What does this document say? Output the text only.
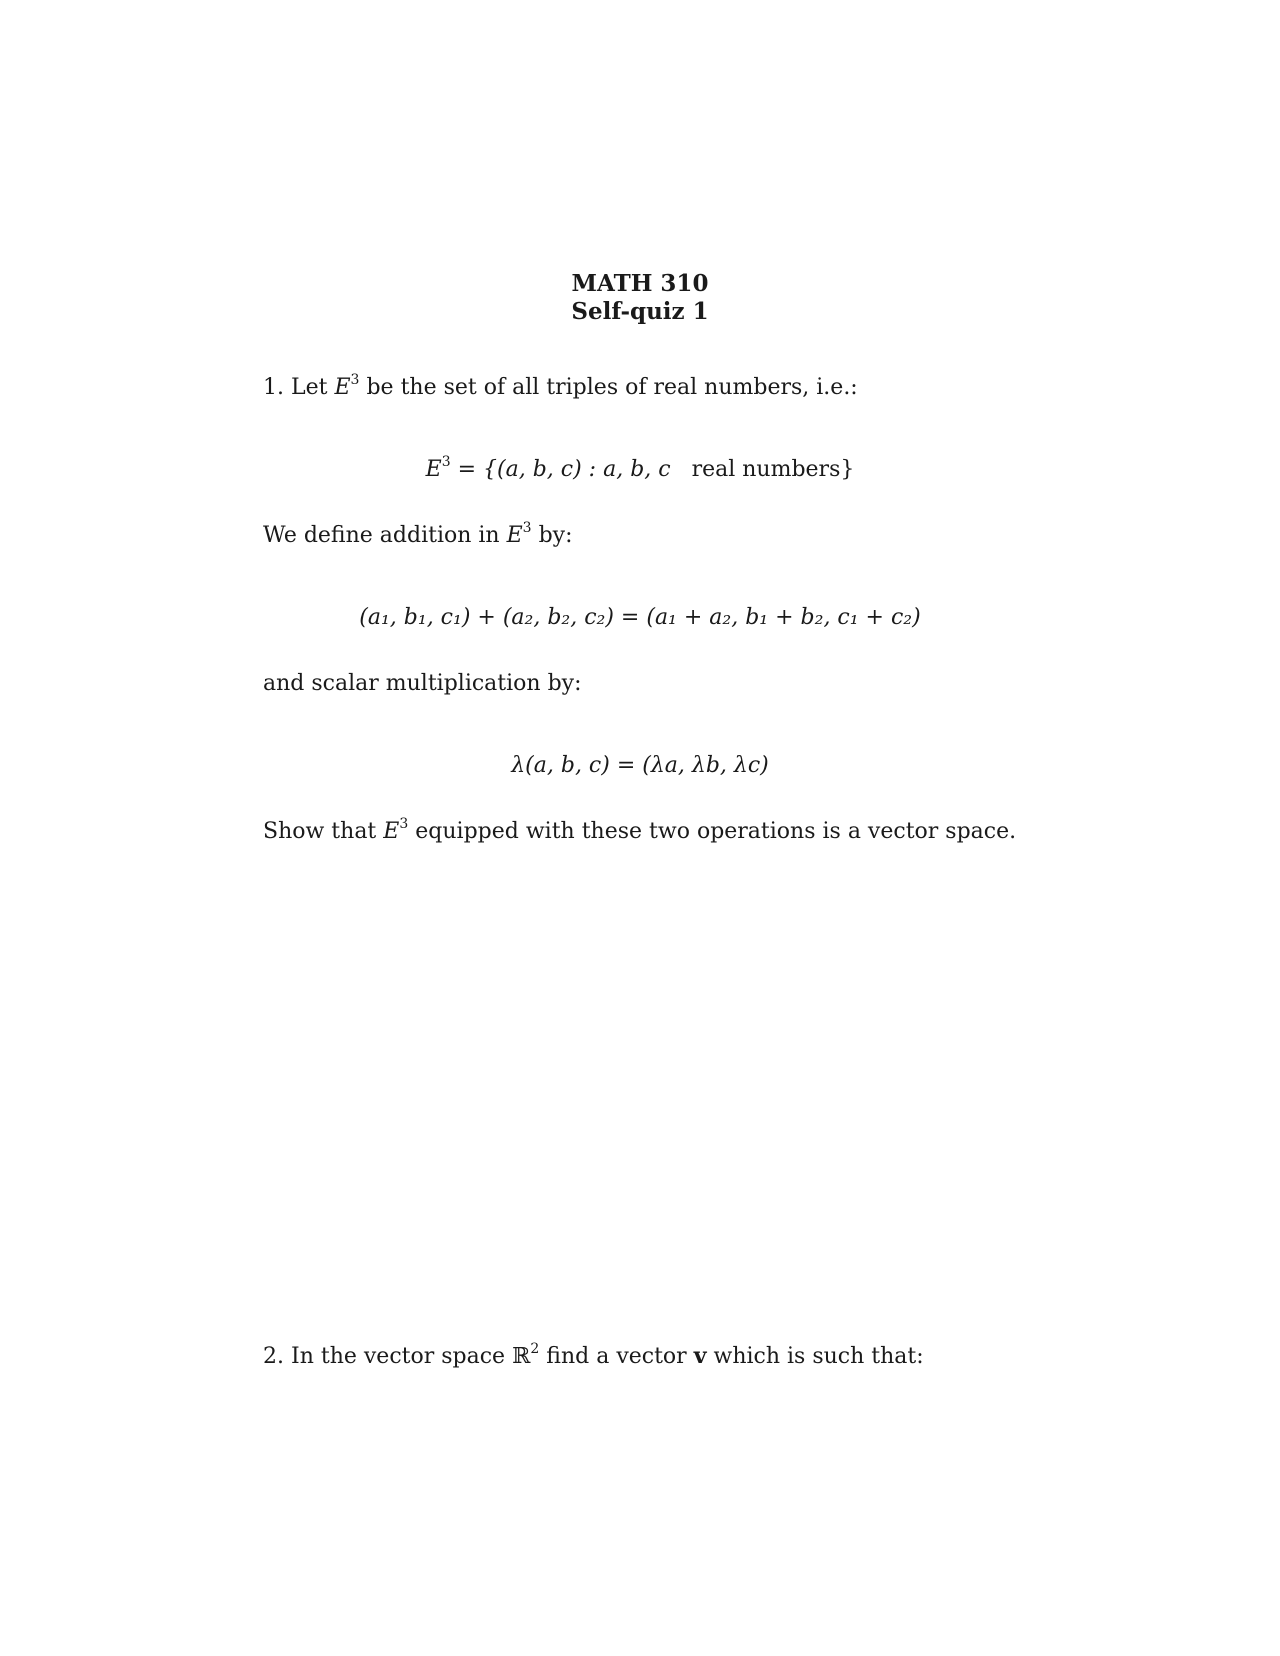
MATH 310
Self-quiz 1
1. Let $E^3$ be the set of all triples of real numbers, i.e.:
$E^3 = \{(a$, b, c) : a, b, c real numbers}
We define addition in $E^3$ by:
(a₁, b₁, c₁) + (a₂, b₂, c₂) = (a₁ + a₂, b₁ + b₂, c₁ + c₂)
and scalar multiplication by:
λ(a, b, c) = (λa, λb, λc)
Show that $E^3$ equipped with these two operations is a vector space.
2. In the vector space ℝ$^2$ find a vector v which is such that:
